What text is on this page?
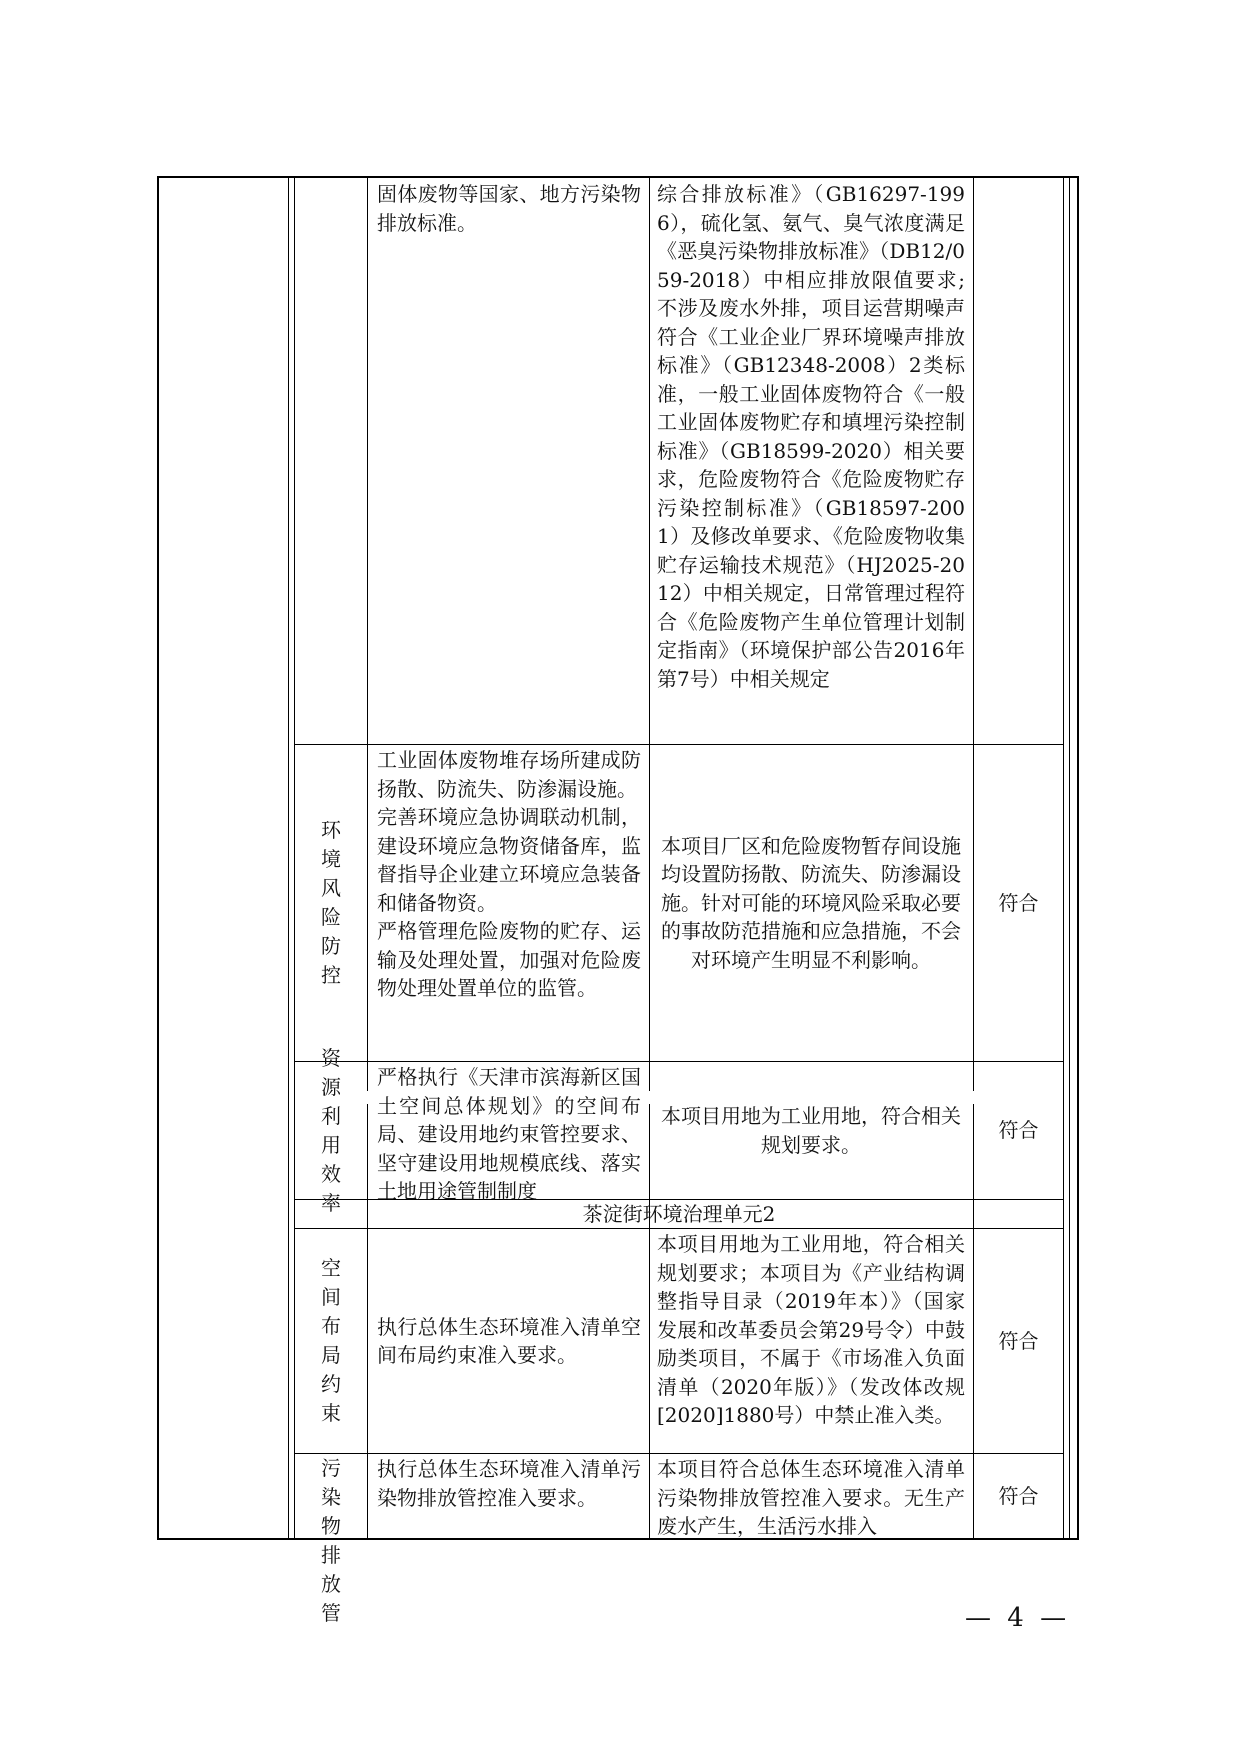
固体废物等国家、地方污染物排放标准。
综合排放标准》（GB16297-1996），硫化氢、氨气、臭气浓度满足《恶臭污染物排放标准》（DB12/059-2018）中相应排放限值要求;不涉及废水外排，项目运营期噪声符合《工业企业厂界环境噪声排放标准》（GB12348-2008）2类标准，一般工业固体废物符合《一般工业固体废物贮存和填埋污染控制标准》（GB18599-2020）相关要求，危险废物符合《危险废物贮存污染控制标准》（GB18597-2001）及修改单要求、《危险废物收集贮存运输技术规范》（HJ2025-2012）中相关规定，日常管理过程符合《危险废物产生单位管理计划制定指南》（环境保护部公告2016年 第7号）中相关规定
环境风险防控
工业固体废物堆存场所建成防扬散、防流失、防渗漏设施。
完善环境应急协调联动机制，建设环境应急物资储备库，监督指导企业建立环境应急装备和储备物资。
严格管理危险废物的贮存、运输及处理处置，加强对危险废物处理处置单位的监管。
本项目厂区和危险废物暂存间设施均设置防扬散、防流失、防渗漏设施。针对可能的环境风险采取必要的事故防范措施和应急措施，不会对环境产生明显不利影响。
符合
资源利用效率
严格执行《天津市滨海新区国土空间总体规划》的空间布局、建设用地约束管控要求、坚守建设用地规模底线、落实土地用途管制制度
本项目用地为工业用地，符合相关规划要求。
符合
茶淀街环境治理单元2
空间布局约束
执行总体生态环境准入清单空间布局约束准入要求。
本项目用地为工业用地，符合相关规划要求；本项目为《产业结构调整指导目录（2019年本）》（国家发展和改革委员会第29号令）中鼓励类项目，不属于《市场准入负面清单（2020年版）》（发改体改规[2020]1880号）中禁止准入类。
符合
污染物排放管
执行总体生态环境准入清单污染物排放管控准入要求。
本项目符合总体生态环境准入清单污染物排放管控准入要求。无生产废水产生，生活污水排入
符合
— 4 —
